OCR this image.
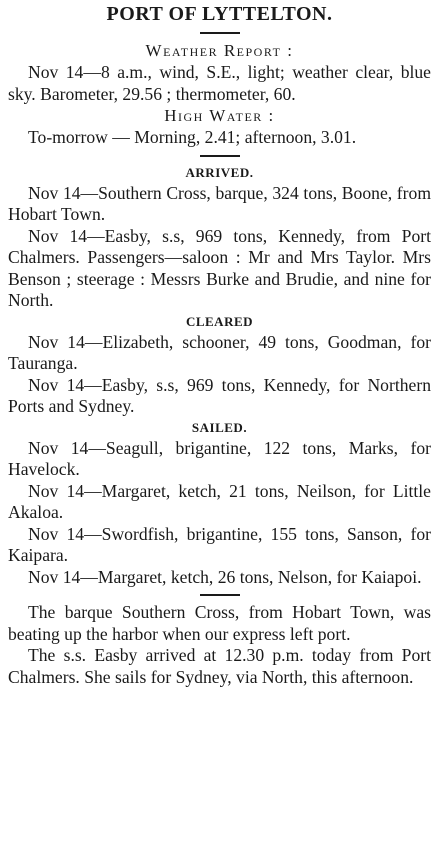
PORT OF LYTTELTON.
Weather Report :

Nov 14—8 a.m., wind, S.E., light; weather clear, blue sky. Barometer, 29.56 ; thermometer, 60.

High Water :

To-morrow — Morning, 2.41; afternoon, 3.01.

ARRIVED.

Nov 14—Southern Cross, barque, 324 tons, Boone, from Hobart Town.

Nov 14—Easby, s.s, 969 tons, Kennedy, from Port Chalmers. Passengers—saloon : Mr and Mrs Taylor. Mrs Benson ; steerage : Messrs Burke and Brudie, and nine for North.

CLEARED

Nov 14—Elizabeth, schooner, 49 tons, Goodman, for Tauranga.

Nov 14—Easby, s.s, 969 tons, Kennedy, for Northern Ports and Sydney.

SAILED.

Nov 14—Seagull, brigantine, 122 tons, Marks, for Havelock.

Nov 14—Margaret, ketch, 21 tons, Neilson, for Little Akaloa.

Nov 14—Swordfish, brigantine, 155 tons, Sanson, for Kaipara.

Nov 14—Margaret, ketch, 26 tons, Nelson, for Kaiapoi.

The barque Southern Cross, from Hobart Town, was beating up the harbor when our express left port.

The s.s. Easby arrived at 12.30 p.m. today from Port Chalmers. She sails for Sydney, via North, this afternoon.
